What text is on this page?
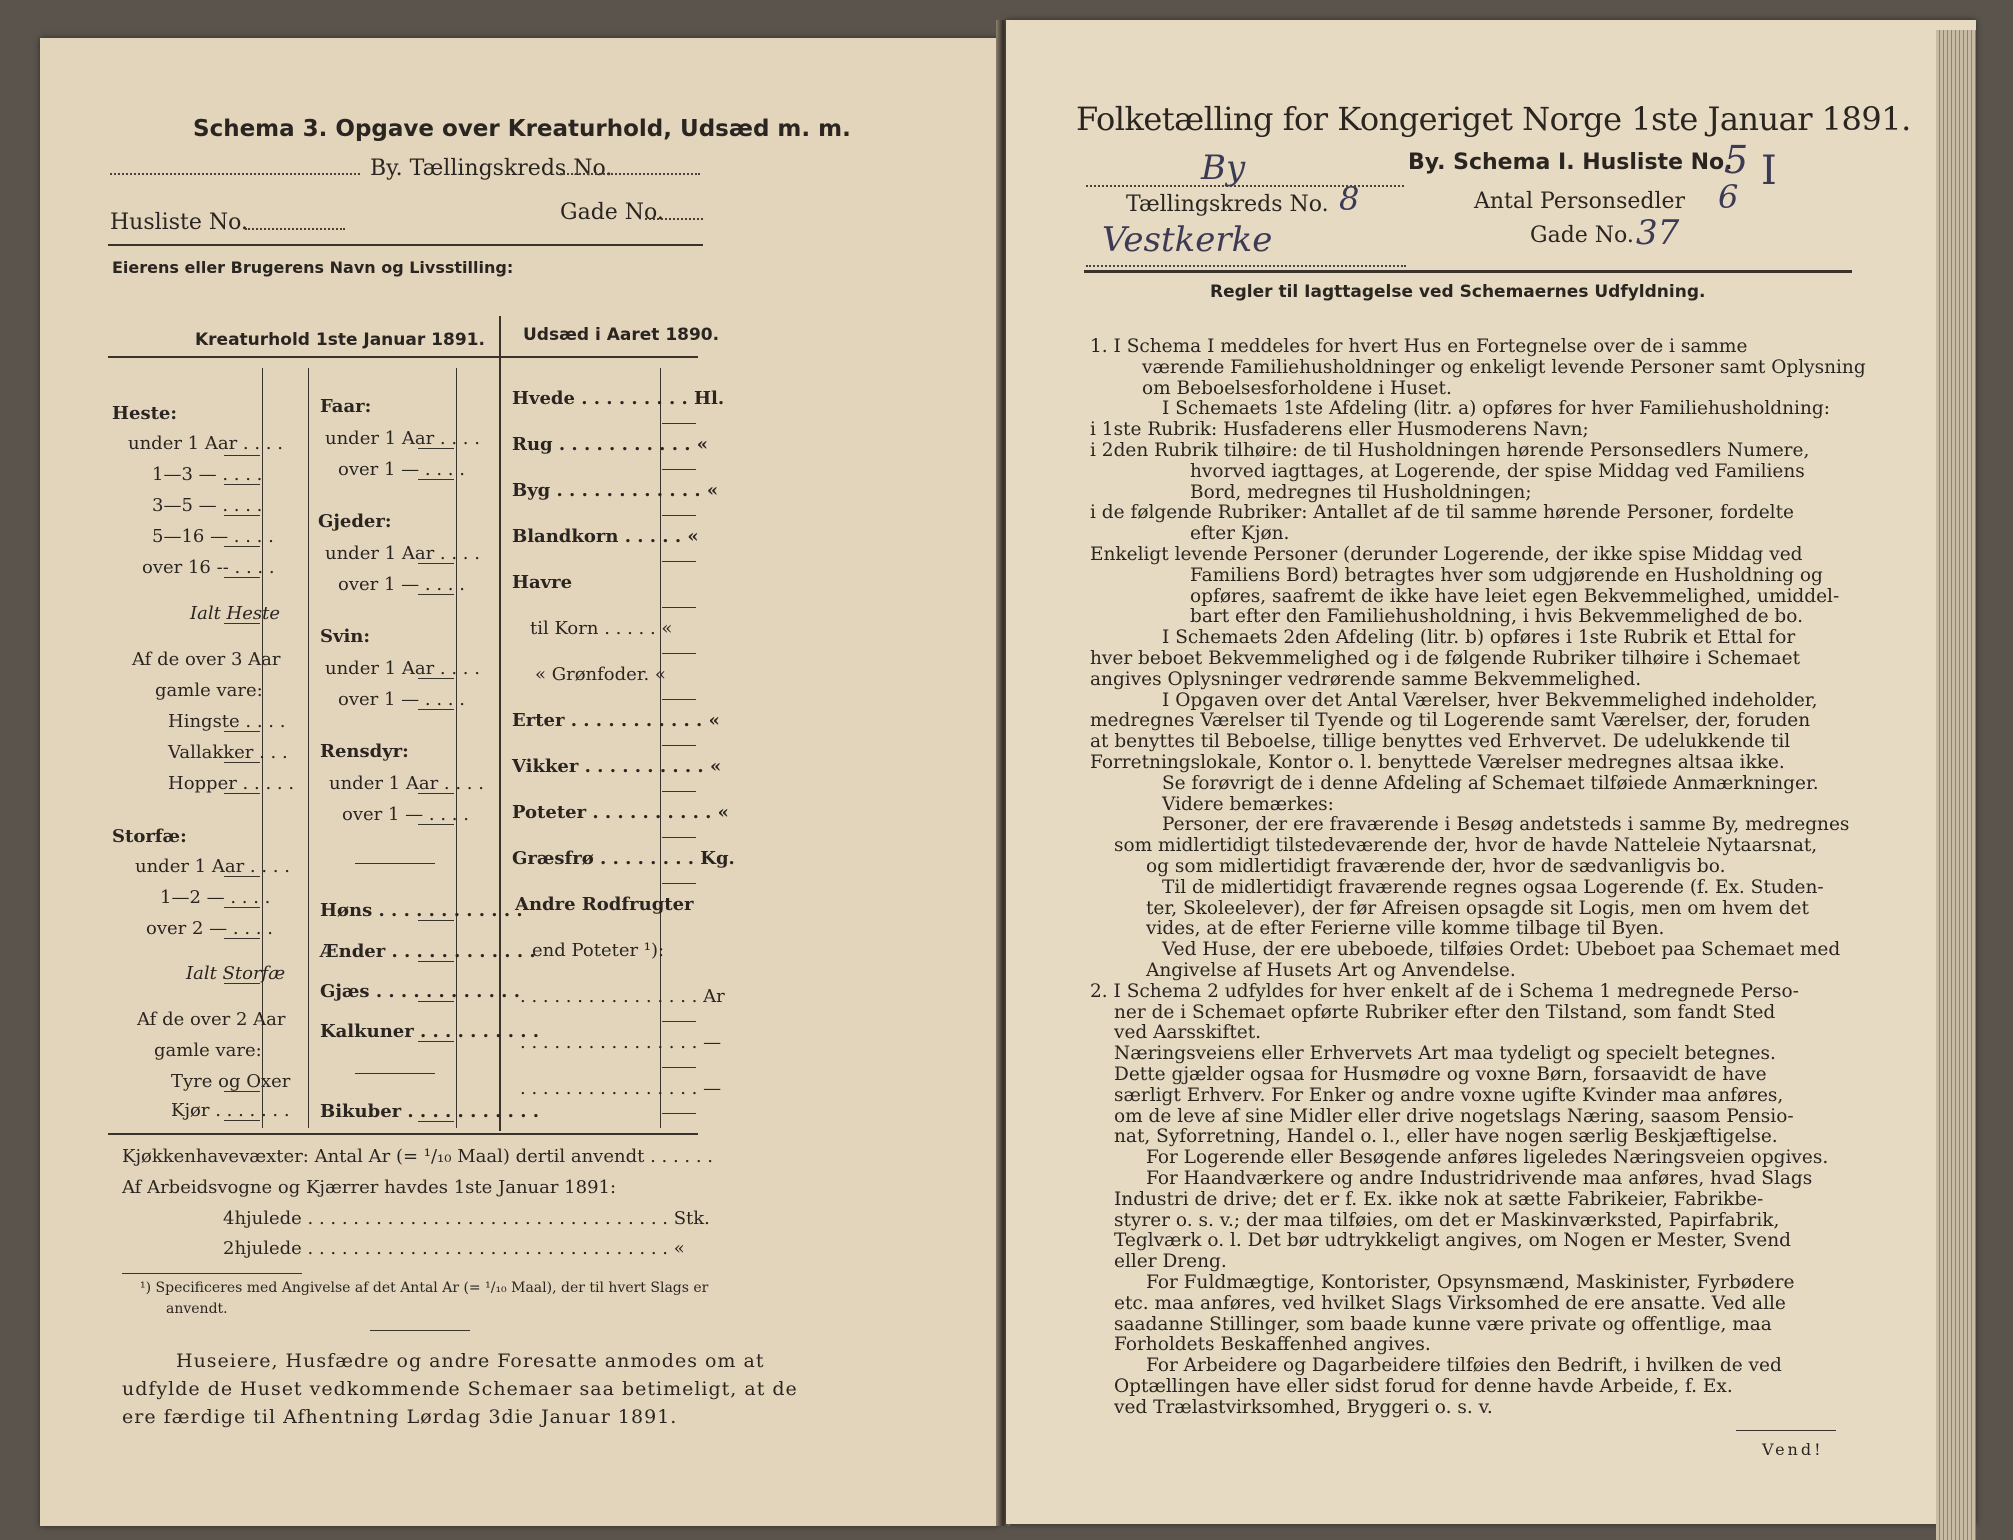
Schema 3. Opgave over Kreaturhold, Udsæd m. m.
By. Tællingskreds No.
Husliste No.	Gade No.
Eierens eller Brugerens Navn og Livsstilling:
Kreaturhold 1ste Januar 1891. Udsæd i Aaret 1890.
Heste:
under 1 Aar . . . .
1—3 — . . . .
3—5 — . . . .
5—16 — . . . .
over 16 -- . . . .
Ialt Heste
Af de over 3 Aar
gamle vare:
Hingste . . . .
Vallakker . . .
Hopper . . . . .
Storfæ:
under 1 Aar . . . .
1—2 — . . . .
over 2 — . . . .
Ialt Storfæ
Af de over 2 Aar
gamle vare:
Tyre og Oxer
Kjør . . . . . . .
Faar:
under 1 Aar . . . .
over 1 — . . . .
Gjeder:
under 1 Aar . . . .
over 1 — . . . .
Svin:
under 1 Aar . . . .
over 1 — . . . .
Rensdyr:
under 1 Aar . . . .
over 1 — . . . .
Høns . . . . . . . . . . . .
Ænder . . . . . . . . . . . .
Gjæs . . . . . . . . . . . .
Kalkuner . . . . . . . . . .
Bikuber . . . . . . . . . . .
Hvede . . . . . . . . . Hl.
Rug . . . . . . . . . . . «
Byg . . . . . . . . . . . . «
Blandkorn . . . . . «
Havre
til Korn . . . . . «
« Grønfoder. «
Erter . . . . . . . . . . . «
Vikker . . . . . . . . . . «
Poteter . . . . . . . . . . «
Græsfrø . . . . . . . . Kg.
Andre Rodfrugter
end Poteter ¹):
. . . . . . . . . . . . . . . . Ar
. . . . . . . . . . . . . . . . —
. . . . . . . . . . . . . . . . —
Kjøkkenhavevæxter: Antal Ar (= ¹/₁₀ Maal) dertil anvendt . . . . . .
Af Arbeidsvogne og Kjærrer havdes 1ste Januar 1891:
4hjulede . . . . . . . . . . . . . . . . . . . . . . . . . . . . . . . . Stk.
2hjulede . . . . . . . . . . . . . . . . . . . . . . . . . . . . . . . . «
¹) Specificeres med Angivelse af det Antal Ar (= ¹/₁₀ Maal), der til hvert Slags er
anvendt.
Huseiere, Husfædre og andre Foresatte anmodes om at
udfylde de Huset vedkommende Schemaer saa betimeligt, at de
ere færdige til Afhentning Lørdag 3die Januar 1891.
Folketælling for Kongeriget Norge 1ste Januar 1891.
By	By. Schema I. Husliste No.
5 I
Tællingskreds No. 8	Antal Personsedler 6
Vestkerke	Gade No. 37
Regler til Iagttagelse ved Schemaernes Udfyldning.
1. I Schema I meddeles for hvert Hus en Fortegnelse over de i samme
værende Familiehusholdninger og enkeligt levende Personer samt Oplysning
om Beboelsesforholdene i Huset.
I Schemaets 1ste Afdeling (litr. a) opføres for hver Familiehusholdning:
i 1ste Rubrik: Husfaderens eller Husmoderens Navn;
i 2den Rubrik tilhøire: de til Husholdningen hørende Personsedlers Numere,
hvorved iagttages, at Logerende, der spise Middag ved Familiens
Bord, medregnes til Husholdningen;
i de følgende Rubriker: Antallet af de til samme hørende Personer, fordelte
efter Kjøn.
Enkeligt levende Personer (derunder Logerende, der ikke spise Middag ved
Familiens Bord) betragtes hver som udgjørende en Husholdning og
opføres, saafremt de ikke have leiet egen Bekvemmelighed, umiddel-
bart efter den Familiehusholdning, i hvis Bekvemmelighed de bo.
I Schemaets 2den Afdeling (litr. b) opføres i 1ste Rubrik et Ettal for
hver beboet Bekvemmelighed og i de følgende Rubriker tilhøire i Schemaet
angives Oplysninger vedrørende samme Bekvemmelighed.
I Opgaven over det Antal Værelser, hver Bekvemmelighed indeholder,
medregnes Værelser til Tyende og til Logerende samt Værelser, der, foruden
at benyttes til Beboelse, tillige benyttes ved Erhvervet. De udelukkende til
Forretningslokale, Kontor o. l. benyttede Værelser medregnes altsaa ikke.
Se forøvrigt de i denne Afdeling af Schemaet tilføiede Anmærkninger.
Videre bemærkes:
Personer, der ere fraværende i Besøg andetsteds i samme By, medregnes
som midlertidigt tilstedeværende der, hvor de havde Natteleie Nytaarsnat,
og som midlertidigt fraværende der, hvor de sædvanligvis bo.
Til de midlertidigt fraværende regnes ogsaa Logerende (f. Ex. Studen-
ter, Skoleelever), der før Afreisen opsagde sit Logis, men om hvem det
vides, at de efter Ferierne ville komme tilbage til Byen.
Ved Huse, der ere ubeboede, tilføies Ordet: Ubeboet paa Schemaet med
Angivelse af Husets Art og Anvendelse.
2. I Schema 2 udfyldes for hver enkelt af de i Schema 1 medregnede Perso-
ner de i Schemaet opførte Rubriker efter den Tilstand, som fandt Sted
ved Aarsskiftet.
Næringsveiens eller Erhvervets Art maa tydeligt og specielt betegnes.
Dette gjælder ogsaa for Husmødre og voxne Børn, forsaavidt de have
særligt Erhverv. For Enker og andre voxne ugifte Kvinder maa anføres,
om de leve af sine Midler eller drive nogetslags Næring, saasom Pensio-
nat, Syforretning, Handel o. l., eller have nogen særlig Beskjæftigelse.
For Logerende eller Besøgende anføres ligeledes Næringsveien opgives.
For Haandværkere og andre Industridrivende maa anføres, hvad Slags
Industri de drive; det er f. Ex. ikke nok at sætte Fabrikeier, Fabrikbe-
styrer o. s. v.; der maa tilføies, om det er Maskinværksted, Papirfabrik,
Teglværk o. l. Det bør udtrykkeligt angives, om Nogen er Mester, Svend
eller Dreng.
For Fuldmægtige, Kontorister, Opsynsmænd, Maskinister, Fyrbødere
etc. maa anføres, ved hvilket Slags Virksomhed de ere ansatte. Ved alle
saadanne Stillinger, som baade kunne være private og offentlige, maa
Forholdets Beskaffenhed angives.
For Arbeidere og Dagarbeidere tilføies den Bedrift, i hvilken de ved
Optællingen have eller sidst forud for denne havde Arbeide, f. Ex.
ved Trælastvirksomhed, Bryggeri o. s. v.
Vend!
